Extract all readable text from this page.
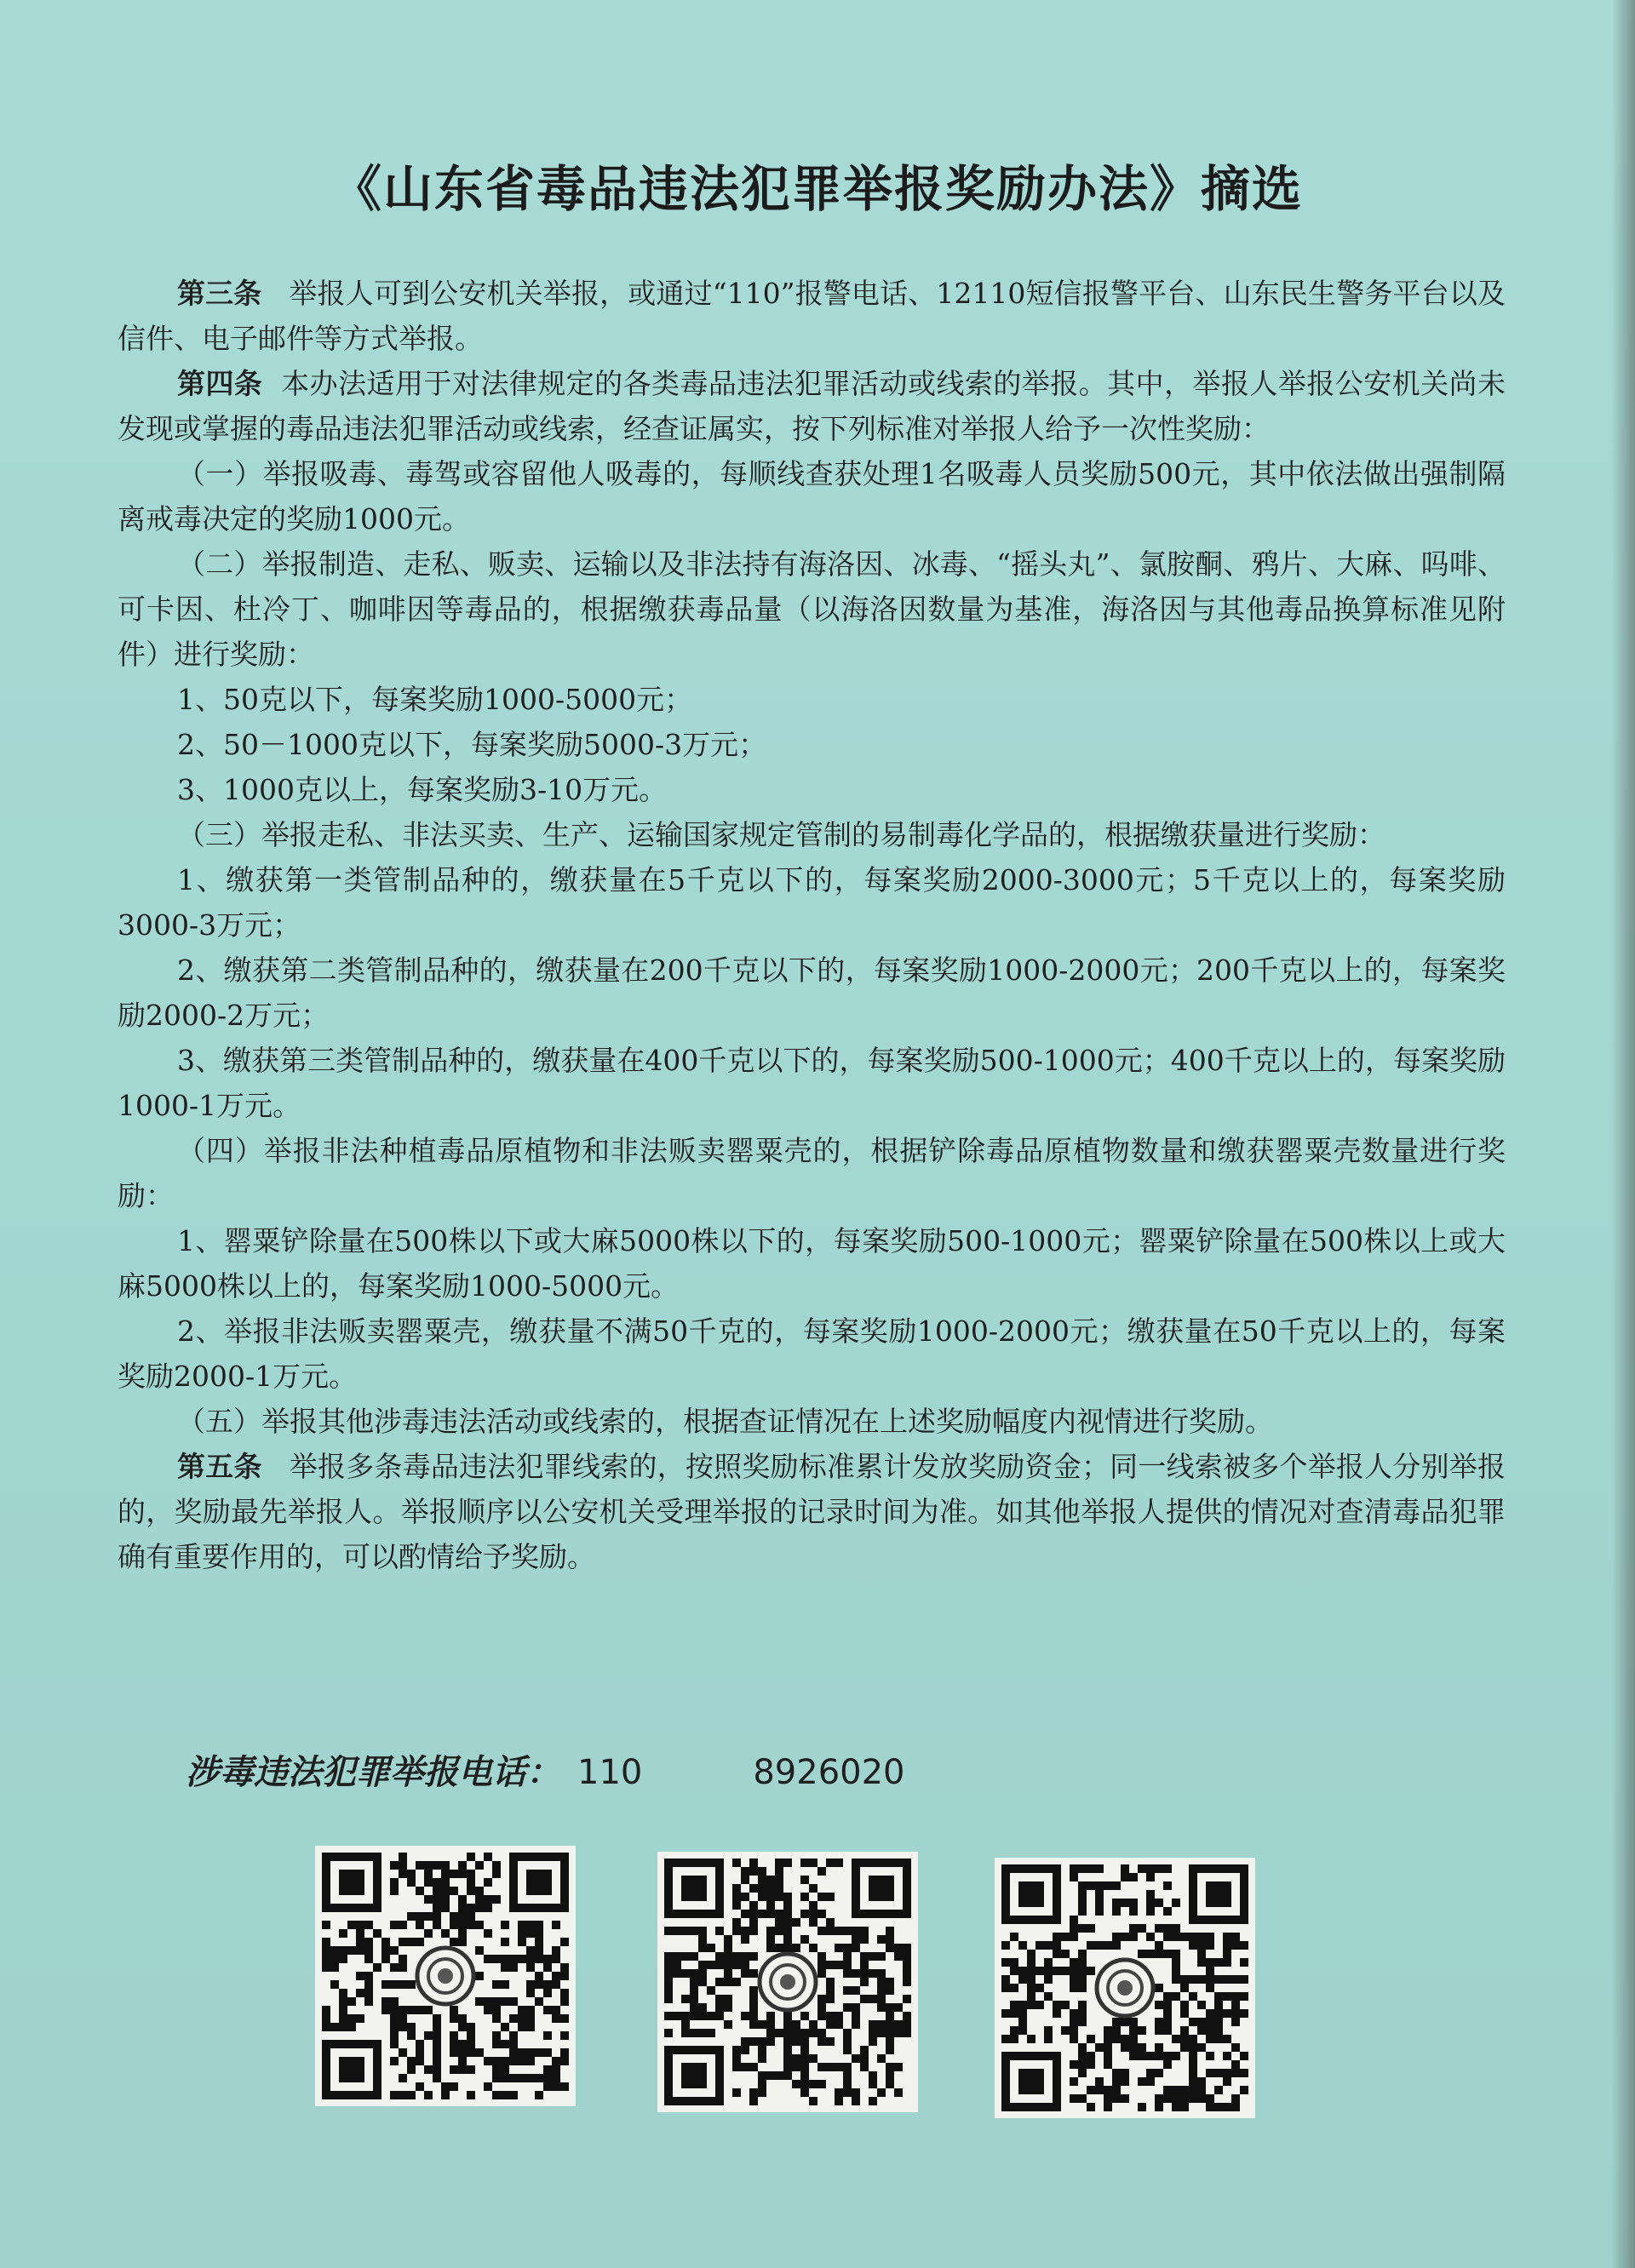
《山东省毒品违法犯罪举报奖励办法》摘选

第三条 举报人可到公安机关举报，或通过“110”报警电话、12110短信报警平台、山东民生警务平台以及信件、电子邮件等方式举报。

第四条 本办法适用于对法律规定的各类毒品违法犯罪活动或线索的举报。其中，举报人举报公安机关尚未发现或掌握的毒品违法犯罪活动或线索，经查证属实，按下列标准对举报人给予一次性奖励：

（一）举报吸毒、毒驾或容留他人吸毒的，每顺线查获处理1名吸毒人员奖励500元，其中依法做出强制隔离戒毒决定的奖励1000元。

（二）举报制造、走私、贩卖、运输以及非法持有海洛因、冰毒、“摇头丸”、氯胺酮、鸦片、大麻、吗啡、可卡因、杜冷丁、咖啡因等毒品的，根据缴获毒品量（以海洛因数量为基准，海洛因与其他毒品换算标准见附件）进行奖励：

1、50克以下，每案奖励1000-5000元；

2、50－1000克以下，每案奖励5000-3万元；

3、1000克以上，每案奖励3-10万元。

（三）举报走私、非法买卖、生产、运输国家规定管制的易制毒化学品的，根据缴获量进行奖励：

1、缴获第一类管制品种的，缴获量在5千克以下的，每案奖励2000-3000元；5千克以上的，每案奖励3000-3万元；

2、缴获第二类管制品种的，缴获量在200千克以下的，每案奖励1000-2000元；200千克以上的，每案奖励2000-2万元；

3、缴获第三类管制品种的，缴获量在400千克以下的，每案奖励500-1000元；400千克以上的，每案奖励1000-1万元。

（四）举报非法种植毒品原植物和非法贩卖罂粟壳的，根据铲除毒品原植物数量和缴获罂粟壳数量进行奖励：

1、罂粟铲除量在500株以下或大麻5000株以下的，每案奖励500-1000元；罂粟铲除量在500株以上或大麻5000株以上的，每案奖励1000-5000元。

2、举报非法贩卖罂粟壳，缴获量不满50千克的，每案奖励1000-2000元；缴获量在50千克以上的，每案奖励2000-1万元。

（五）举报其他涉毒违法活动或线索的，根据查证情况在上述奖励幅度内视情进行奖励。

第五条 举报多条毒品违法犯罪线索的，按照奖励标准累计发放奖励资金；同一线索被多个举报人分别举报的，奖励最先举报人。举报顺序以公安机关受理举报的记录时间为准。如其他举报人提供的情况对查清毒品犯罪确有重要作用的，可以酌情给予奖励。

涉毒违法犯罪举报电话： 110	8926020
